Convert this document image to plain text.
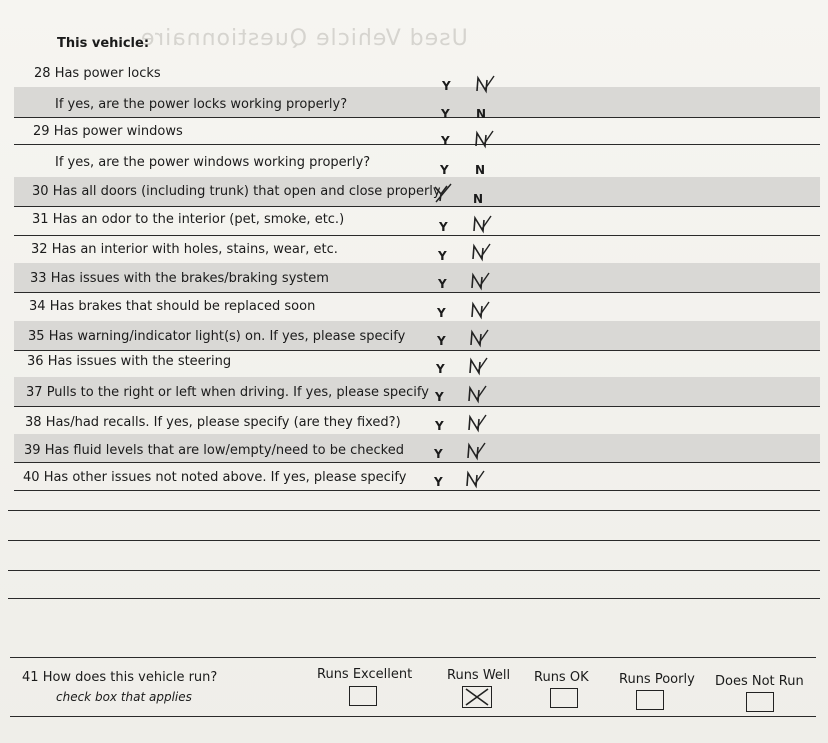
Used Vehicle Questionnaire
This vehicle:
28 Has power locks
If yes, are the power locks working properly?
29 Has power windows
If yes, are the power windows working properly?
30 Has all doors (including trunk) that open and close properly
31 Has an odor to the interior (pet, smoke, etc.)
32 Has an interior with holes, stains, wear, etc.
33 Has issues with the brakes/braking system
34 Has brakes that should be replaced soon
35 Has warning/indicator light(s) on. If yes, please specify
36 Has issues with the steering
37 Pulls to the right or left when driving. If yes, please specify
38 Has/had recalls. If yes, please specify (are they fixed?)
39 Has fluid levels that are low/empty/need to be checked
40 Has other issues not noted above. If yes, please specify
Y
Y N
Y
Y N
N
Y
Y
Y
Y
Y
Y
Y
Y
Y
Y
41 How does this vehicle run?
check box that applies
Runs Excellent	Runs Well Runs OK Runs Poorly Does Not Run
